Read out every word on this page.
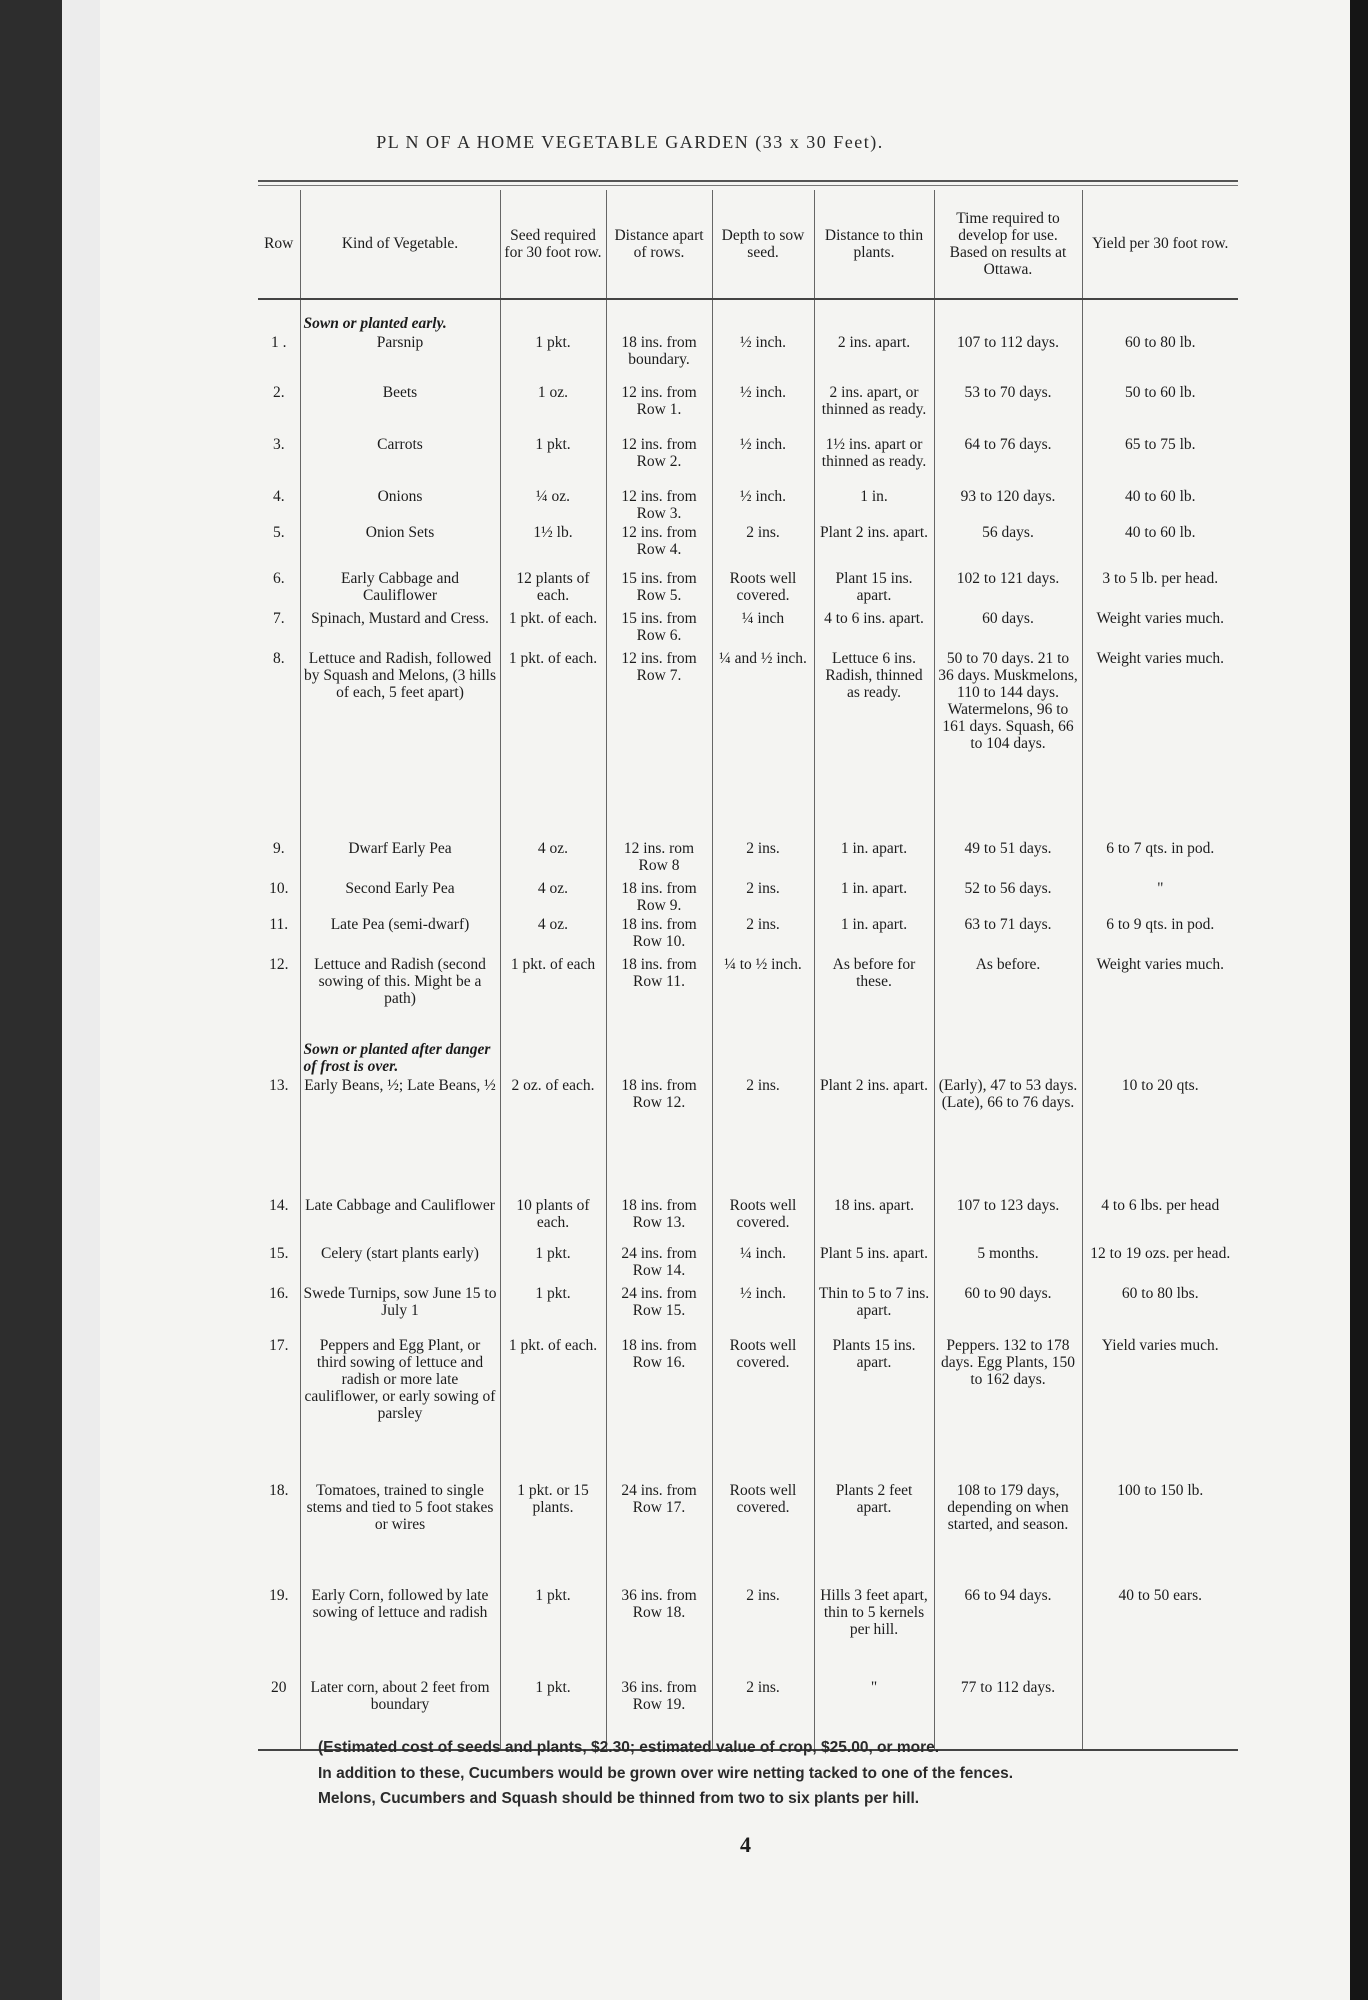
PL N OF A HOME VEGETABLE GARDEN (33 x 30 Feet).
Row	Kind of Vegetable.	Seed required for 30 foot row.	Distance apart of rows.	Depth to sow seed.	Distance to thin plants.	Time required to develop for use. Based on results at Ottawa.	Yield per 30 foot row.

	Sown or planted early.						

1 .	Parsnip	1 pkt.	18 ins. from boundary.	½ inch.	2 ins. apart.	107 to 112 days.	60 to 80 lb.
2.	Beets	1 oz.	12 ins. from Row 1.	½ inch.	2 ins. apart, or thinned as ready.	53 to 70 days.	50 to 60 lb.
3.	Carrots	1 pkt.	12 ins. from Row 2.	½ inch.	1½ ins. apart or thinned as ready.	64 to 76 days.	65 to 75 lb.
4.	Onions	¼ oz.	12 ins. from Row 3.	½ inch.	1 in.	93 to 120 days.	40 to 60 lb.
5.	Onion Sets	1½ lb.	12 ins. from Row 4.	2 ins.	Plant 2 ins. apart.	56 days.	40 to 60 lb.
6.	Early Cabbage and Cauliflower	12 plants of each.	15 ins. from Row 5.	Roots well covered.	Plant 15 ins. apart.	102 to 121 days.	3 to 5 lb. per head.
7.	Spinach, Mustard and Cress.	1 pkt. of each.	15 ins. from Row 6.	¼ inch	4 to 6 ins. apart.	60 days.	Weight varies much.
8.	Lettuce and Radish, followed by Squash and Melons, (3 hills of each, 5 feet apart)	1 pkt. of each.	12 ins. from Row 7.	¼ and ½ inch.	Lettuce 6 ins. Radish, thinned as ready.	50 to 70 days. 21 to 36 days. Muskmelons, 110 to 144 days. Watermelons, 96 to 161 days. Squash, 66 to 104 days.	Weight varies much.
9.	Dwarf Early Pea	4 oz.	12 ins. rom Row 8	2 ins.	1 in. apart.	49 to 51 days.	6 to 7 qts. in pod.
10.	Second Early Pea	4 oz.	18 ins. from Row 9.	2 ins.	1 in. apart.	52 to 56 days.	"
11.	Late Pea (semi-dwarf)	4 oz.	18 ins. from Row 10.	2 ins.	1 in. apart.	63 to 71 days.	6 to 9 qts. in pod.
12.	Lettuce and Radish (second sowing of this. Might be a path)	1 pkt. of each	18 ins. from Row 11.	¼ to ½ inch.	As before for these.	As before.	Weight varies much.

	Sown or planted after danger of frost is over.						

13.	Early Beans, ½; Late Beans, ½	2 oz. of each.	18 ins. from Row 12.	2 ins.	Plant 2 ins. apart.	(Early), 47 to 53 days. (Late), 66 to 76 days.	10 to 20 qts.
14.	Late Cabbage and Cauliflower	10 plants of each.	18 ins. from Row 13.	Roots well covered.	18 ins. apart.	107 to 123 days.	4 to 6 lbs. per head
15.	Celery (start plants early)	1 pkt.	24 ins. from Row 14.	¼ inch.	Plant 5 ins. apart.	5 months.	12 to 19 ozs. per head.
16.	Swede Turnips, sow June 15 to July 1	1 pkt.	24 ins. from Row 15.	½ inch.	Thin to 5 to 7 ins. apart.	60 to 90 days.	60 to 80 lbs.
17.	Peppers and Egg Plant, or third sowing of lettuce and radish or more late cauliflower, or early sowing of parsley	1 pkt. of each.	18 ins. from Row 16.	Roots well covered.	Plants 15 ins. apart.	Peppers. 132 to 178 days. Egg Plants, 150 to 162 days.	Yield varies much.
18.	Tomatoes, trained to single stems and tied to 5 foot stakes or wires	1 pkt. or 15 plants.	24 ins. from Row 17.	Roots well covered.	Plants 2 feet apart.	108 to 179 days, depending on when started, and season.	100 to 150 lb.
19.	Early Corn, followed by late sowing of lettuce and radish	1 pkt.	36 ins. from Row 18.	2 ins.	Hills 3 feet apart, thin to 5 kernels per hill.	66 to 94 days.	40 to 50 ears.
20	Later corn, about 2 feet from boundary	1 pkt.	36 ins. from Row 19.	2 ins.	"	77 to 112 days.	
(Estimated cost of seeds and plants, $2.30; estimated value of crop, $25.00, or more.
In addition to these, Cucumbers would be grown over wire netting tacked to one of the fences.
Melons, Cucumbers and Squash should be thinned from two to six plants per hill.
4
